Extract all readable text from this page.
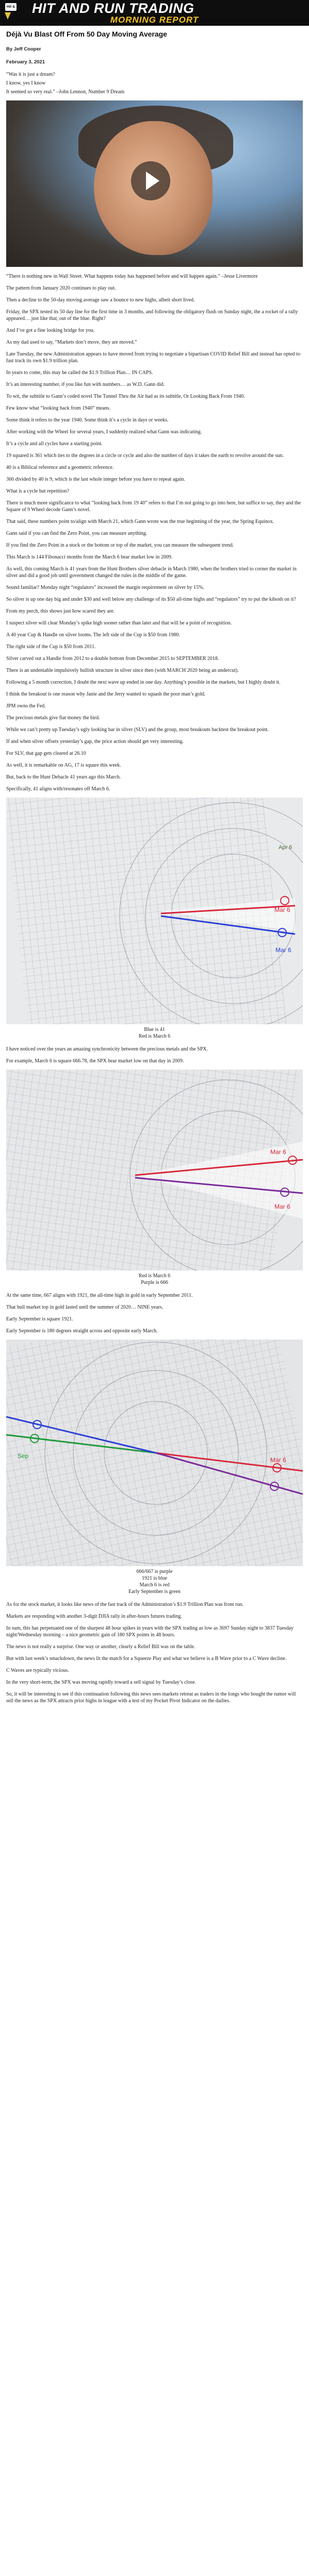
Hit & Run HIT AND RUN TRADING
MORNING REPORT
Déjà Vu Blast Off From 50 Day Moving Average
By Jeff Cooper
February 3, 2021

“Was it is just a dream?

I know, yes I know

It seemed so very real.” –John Lennon, Number 9 Dream

“There is nothing new in Wall Street. What happens today has happened before and will happen again.” –Jesse Livermore

The pattern from January 2020 continues to play out.

Then a decline to the 50-day moving average saw a bounce to new highs, albeit short lived.

Friday, the SPX tested its 50 day line for the first time in 3 months, and following the obligatory flush on Sunday night, the a rocket of a rally appeared… just like that, out of the blue. Right?

And I’ve got a fine looking bridge for you.

As my dad used to say, “Markets don’t move, they are moved.”

Late Tuesday, the new Administration appears to have moved from trying to negotiate a bipartisan COVID Relief Bill and instead has opted to fast track its own $1.9 trillion plan.

In years to come, this may be called the $1.9 Trillion Plan… IN CAPS.

It’s an interesting number, if you like fun with numbers… as W.D. Gann did.

To wit, the subtitle to Gann’s coded novel The Tunnel Thru the Air had as its subtitle, Or Looking Back From 1940.

Few know what “looking back from 1940” means.

Some think it refers to the year 1940. Some think it’s a cycle in days or weeks.

After working with the Wheel for several years, I suddenly realized what Gann was indicating.

It’s a cycle and all cycles have a starting point.

19 squared is 361 which ties to the degrees in a circle or cycle and also the number of days it takes the earth to revolve around the sun.

40 is a Biblical reference and a geometric reference.

360 divided by 40 is 9, which is the last whole integer before you have to repeat again.

What is a cycle but repetition?

There is much more significance to what “looking back from 19 40” refers to that I’m not going to go into here, but suffice to say, they and the Square of 9 Wheel decode Gann’s novel.

That said, these numbers point to/align with March 21, which Gann wrote was the true beginning of the year, the Spring Equinox.

Gann said if you can find the Zero Point, you can measure anything.

If you find the Zero Point in a stock or the bottom or top of the market, you can measure the subsequent trend.

This March is 144 Fibonacci months from the March 6 bear market low in 2009.

As well, this coming March is 41 years from the Hunt Brothers silver debacle in March 1980, when the brothers tried to corner the market in silver and did a good job until government changed the rules in the middle of the game.

Sound familiar? Monday night “regulators” increased the margin requirement on silver by 15%.

So silver is up one day big and under $30 and well below any challenge of its $50 all-time highs and “regulators” try to put the kibosh on it?

From my perch, this shows just how scared they are.

I suspect silver will clear Monday’s spike high sooner rather than later and that will be a point of recognition.

A 40 year Cup & Handle on silver looms. The left side of the Cup is $50 from 1980.

The right side of the Cup is $50 from 2011.

Silver carved out a Handle from 2012 to a double bottom from December 2015 to SEPTEMBER 2018.

There is an undeniable impulsively bullish structure in silver since then (with MARCH 2020 being an undercut).

Following a 5 month correction, I doubt the next wave up ended in one day. Anything’s possible in the markets, but I highly doubt it.

I think the breakout is one reason why Janie and the Jerry wanted to squash the poor man’s gold.

JPM owns the Fed.

The precious metals give fiat money the bird.

While we can’t pretty up Tuesday’s ugly looking bar in silver (SLV) and the group, most breakouts backtest the breakout point.

If and when silver offsets yesterday’s gap, the price action should get very interesting.

For SLV, that gap gets cleared at 26.10

As well, it is remarkable on AG, 17 is square this week.

But, back to the Hunt Debacle 41 years ago this March.

Specifically, 41 aligns with/resonates off March 6.

Apr 6
Mar 6
Mar 6

Blue is 41

Red is March 6

I have noticed over the years an amazing synchronicity between the precious metals and the SPX.

For example, March 6 is square 666.78, the SPX bear market low on that day in 2009.

Mar 6
Mar 6

Red is March 6

Purple is 666

At the same time, 667 aligns with 1921, the all-time high in gold in early September 2011.

That bull market top in gold lasted until the summer of 2020… NINE years.

Early September is square 1921.

Early September is 180 degrees straight across and opposite early March.

Sep
Mar 6

666/667 is purple

1921 is blue

March 6 is red

Early September is green

As for the stock market, it looks like news of the fast track of the Administration’s $1.9 Trillion Plan was front run.

Markets are responding with another 3-digit DJIA rally in after-hours futures trading.

In sum, this has perpetuated one of the sharpest 48 hour spikes in years with the SPX trading as low as 3697 Sunday night to 3837 Tuesday night/Wednesday morning – a nice geometric gain of 180 SPX points in 48 hours.

The news is not really a surprise. One way or another, clearly a Relief Bill was on the table.

But with last week’s smackdown, the news lit the match for a Squeeze Play and what we believe is a B Wave prior to a C Wave decline.

C Waves are typically vicious.

In the very short-term, the SPX was moving rapidly toward a sell signal by Tuesday’s close.

So, it will be interesting to see if this continuation following this news sees markets retreat as traders in the longs who bought the rumor will sell the news as the SPX attracts prior highs in league with a test of my Pocket Pivot Indicator on the dailies.
